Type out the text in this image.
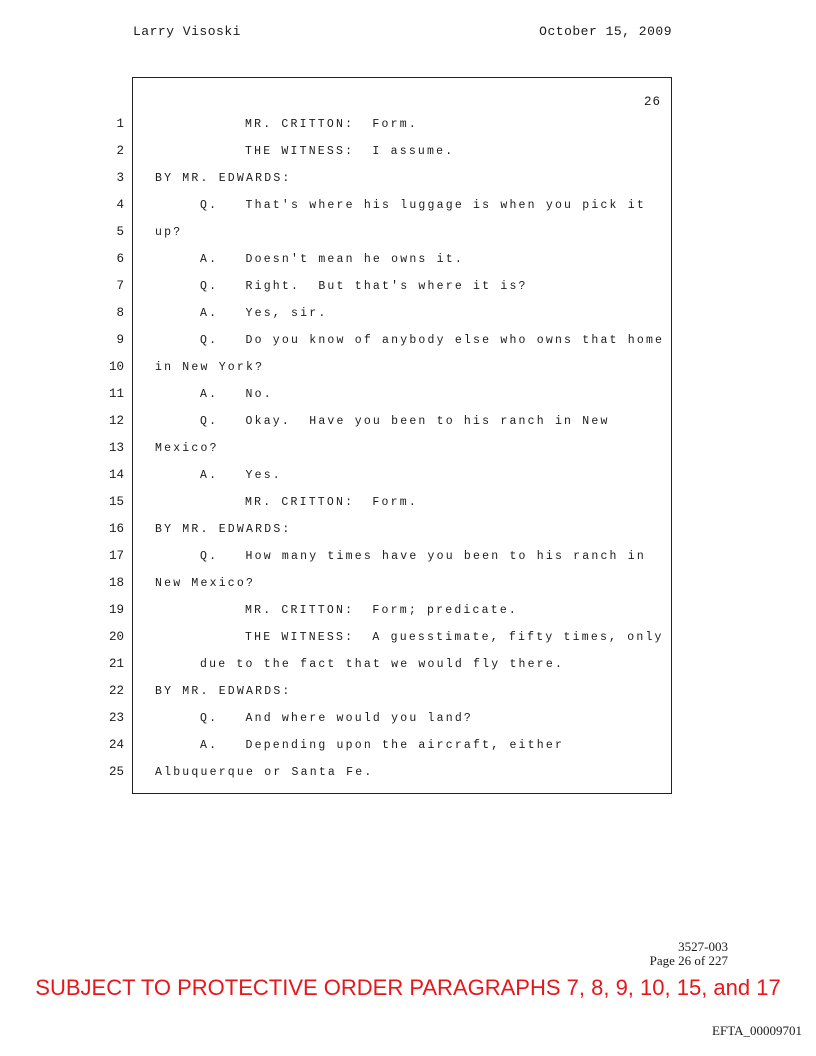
Larry Visoski	October 15, 2009
26
1	MR. CRITTON:  Form.
2	THE WITNESS:  I assume.
3	BY MR. EDWARDS:
4	Q.   That's where his luggage is when you pick it
5	up?
6	A.   Doesn't mean he owns it.
7	Q.   Right.  But that's where it is?
8	A.   Yes, sir.
9	Q.   Do you know of anybody else who owns that home
10	in New York?
11	A.   No.
12	Q.   Okay.  Have you been to his ranch in New
13	Mexico?
14	A.   Yes.
15	MR. CRITTON:  Form.
16	BY MR. EDWARDS:
17	Q.   How many times have you been to his ranch in
18	New Mexico?
19	MR. CRITTON:  Form; predicate.
20	THE WITNESS:  A guesstimate, fifty times, only
21	due to the fact that we would fly there.
22	BY MR. EDWARDS:
23	Q.   And where would you land?
24	A.   Depending upon the aircraft, either
25	Albuquerque or Santa Fe.
3527-003
Page 26 of 227
SUBJECT TO PROTECTIVE ORDER PARAGRAPHS 7, 8, 9, 10, 15, and 17
EFTA_00009701
